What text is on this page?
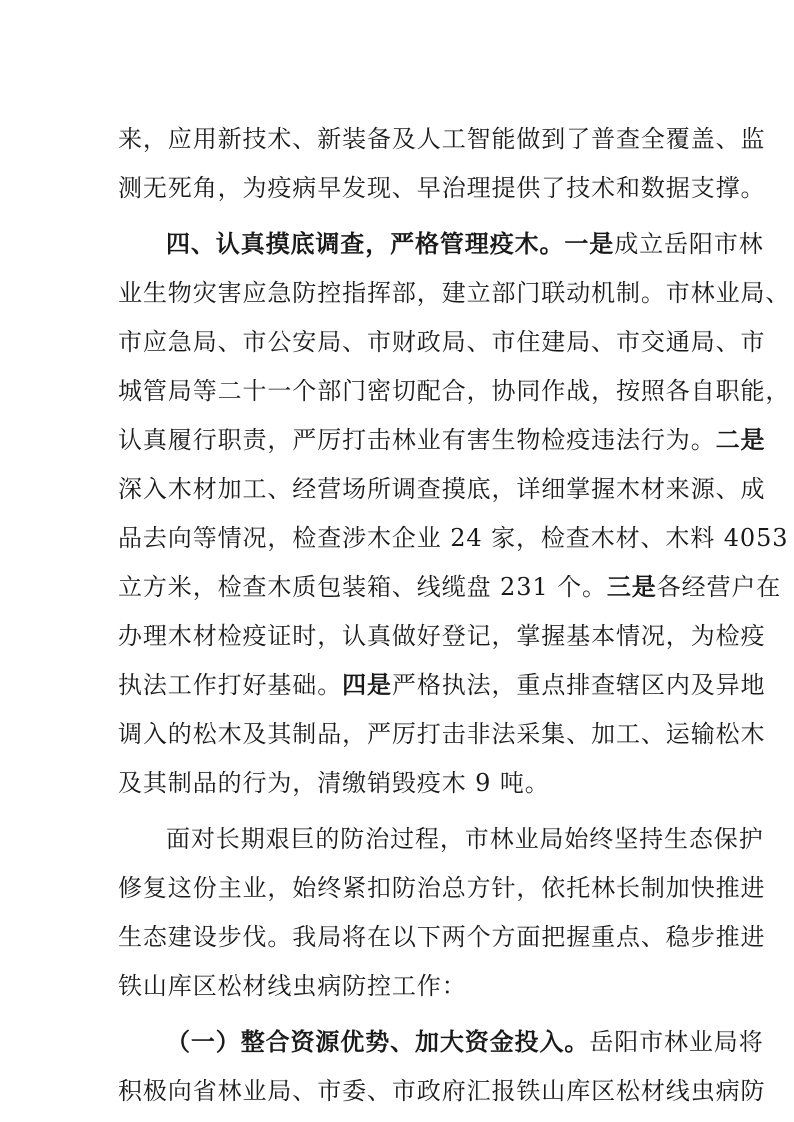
来，应用新技术、新装备及人工智能做到了普查全覆盖、监
测无死角，为疫病早发现、早治理提供了技术和数据支撑。
四、认真摸底调查，严格管理疫木。一是成立岳阳市林
业生物灾害应急防控指挥部，建立部门联动机制。市林业局、
市应急局、市公安局、市财政局、市住建局、市交通局、市
城管局等二十一个部门密切配合，协同作战，按照各自职能，
认真履行职责，严厉打击林业有害生物检疫违法行为。二是
深入木材加工、经营场所调查摸底，详细掌握木材来源、成
品去向等情况，检查涉木企业 24 家，检查木材、木料 4053
立方米，检查木质包装箱、线缆盘 231 个。三是各经营户在
办理木材检疫证时，认真做好登记，掌握基本情况，为检疫
执法工作打好基础。四是严格执法，重点排查辖区内及异地
调入的松木及其制品，严厉打击非法采集、加工、运输松木
及其制品的行为，清缴销毁疫木 9 吨。
面对长期艰巨的防治过程，市林业局始终坚持生态保护
修复这份主业，始终紧扣防治总方针，依托林长制加快推进
生态建设步伐。我局将在以下两个方面把握重点、稳步推进
铁山库区松材线虫病防控工作：
（一）整合资源优势、加大资金投入。岳阳市林业局将
积极向省林业局、市委、市政府汇报铁山库区松材线虫病防
